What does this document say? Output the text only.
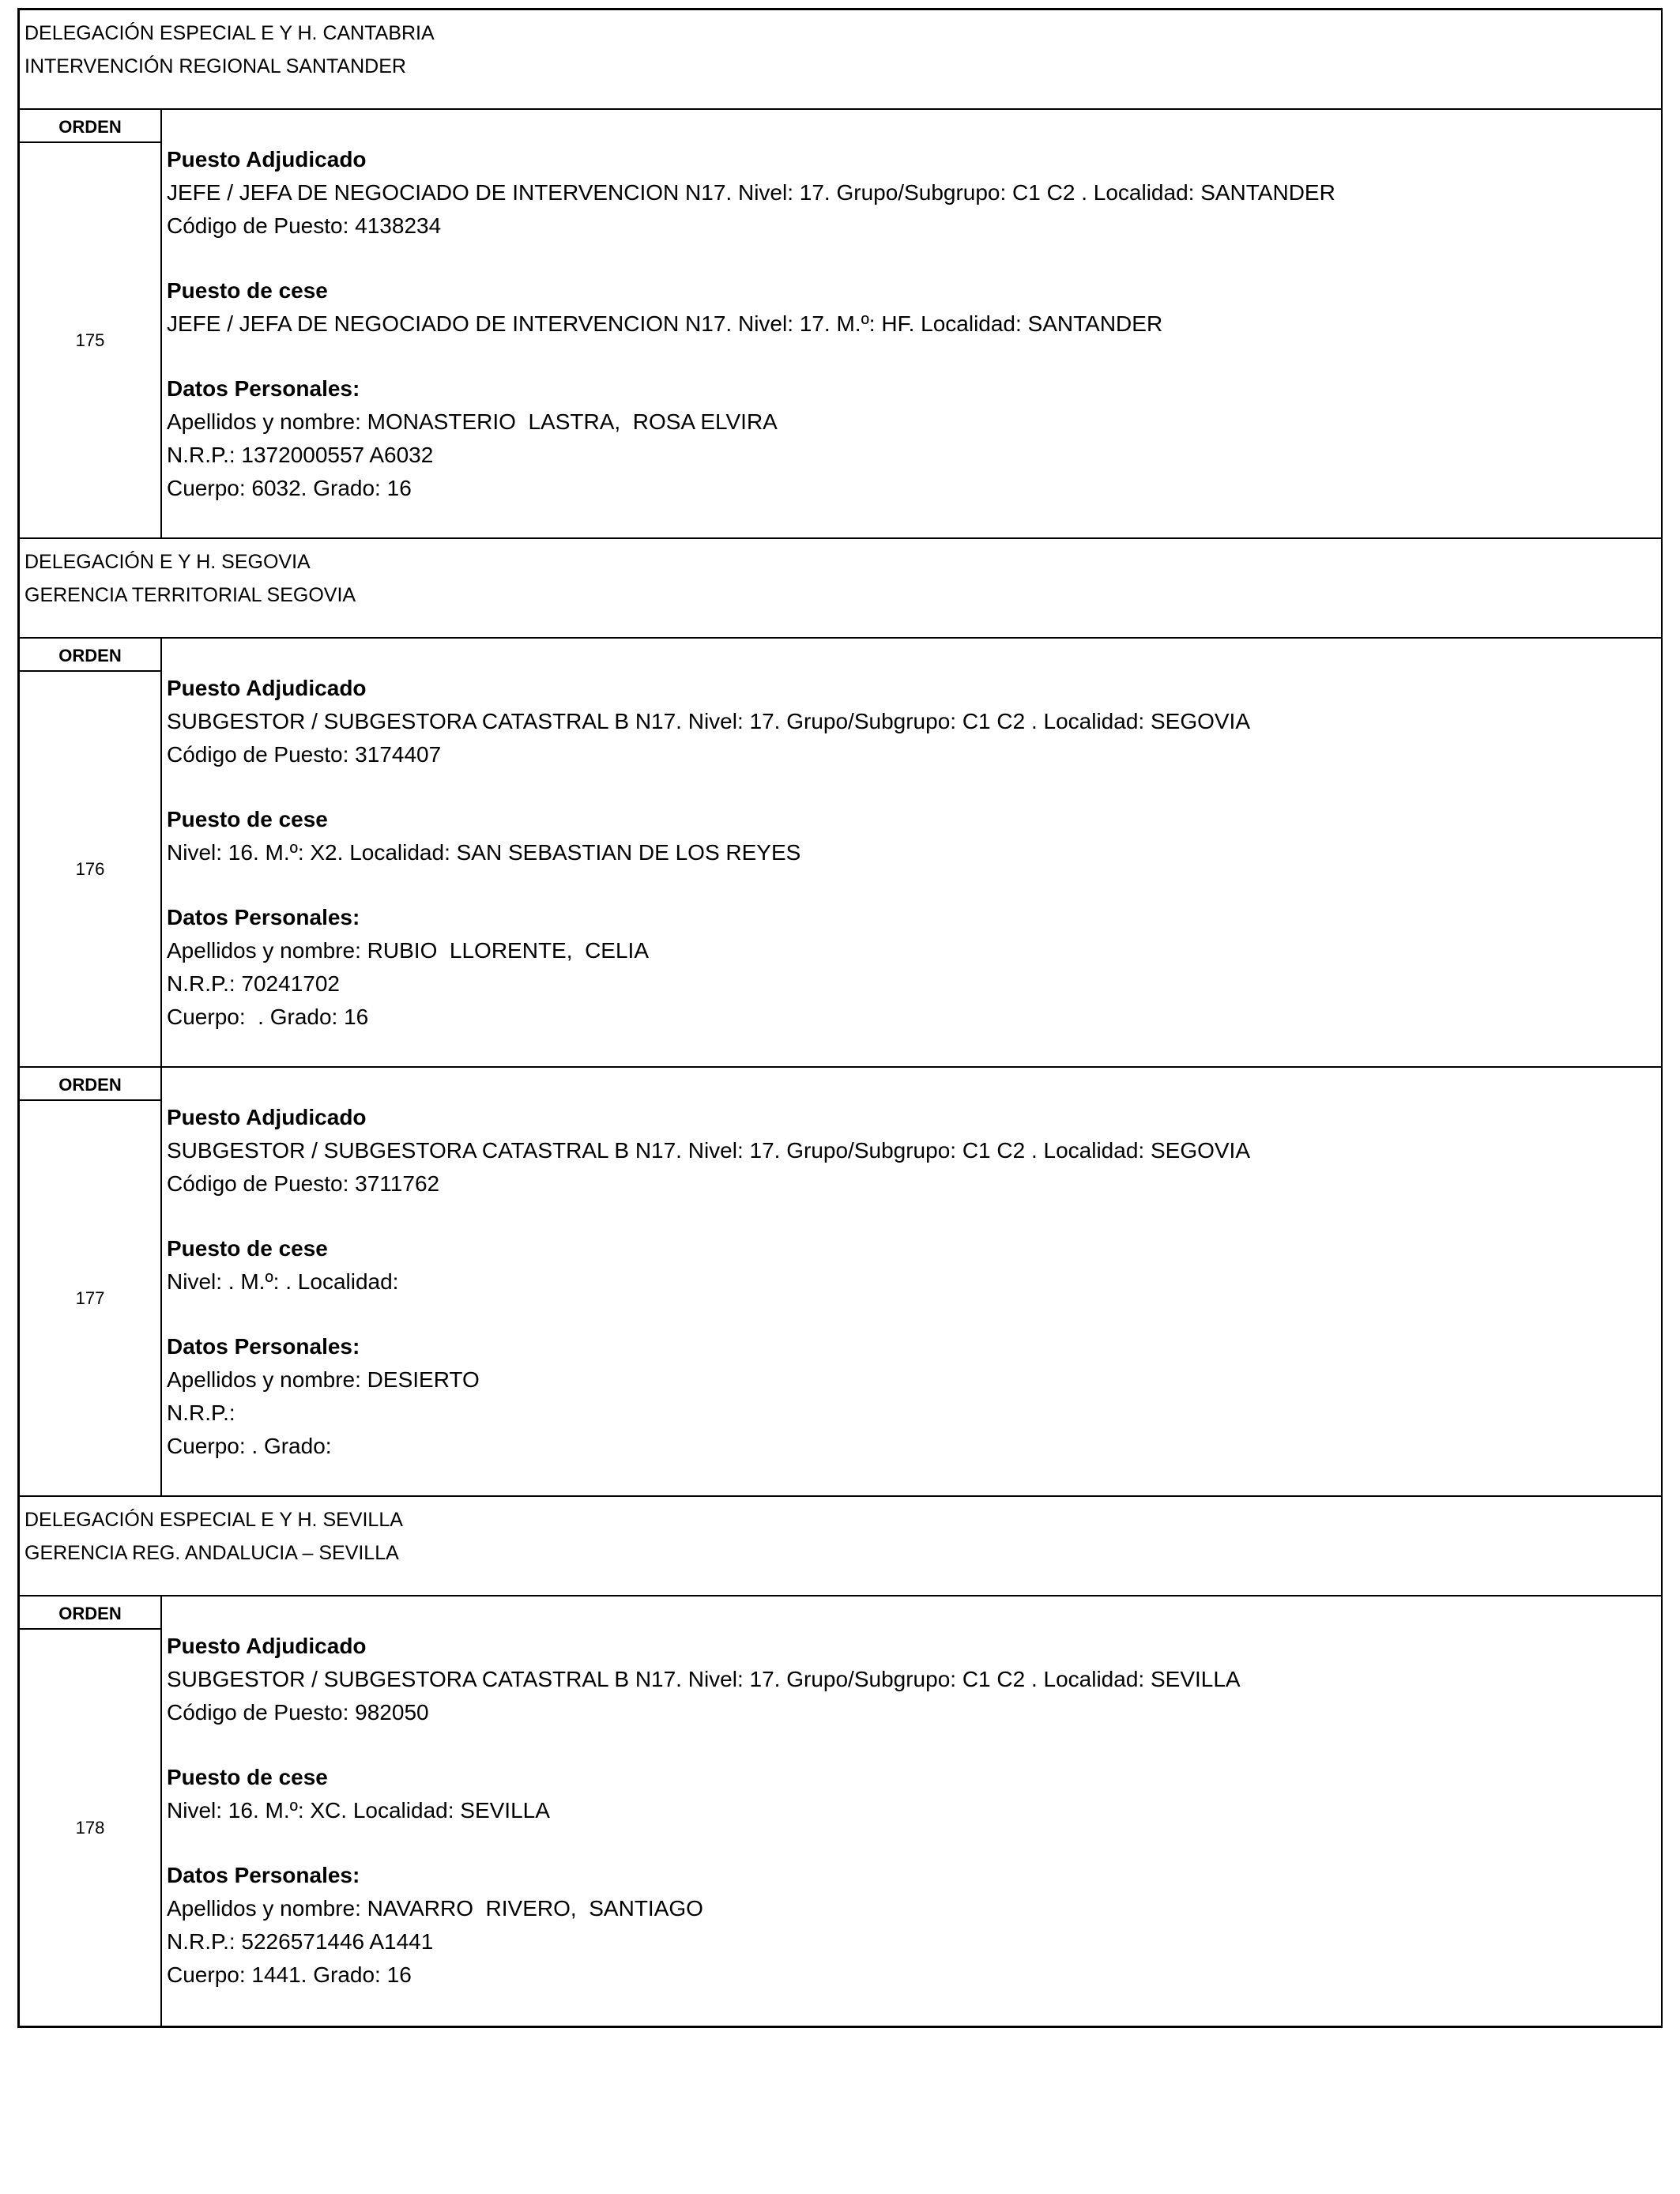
DELEGACIÓN ESPECIAL E Y H. CANTABRIA
INTERVENCIÓN REGIONAL SANTANDER
ORDEN
175
Puesto Adjudicado
JEFE / JEFA DE NEGOCIADO DE INTERVENCION N17. Nivel: 17. Grupo/Subgrupo: C1 C2 . Localidad: SANTANDER
Código de Puesto: 4138234
Puesto de cese
JEFE / JEFA DE NEGOCIADO DE INTERVENCION N17. Nivel: 17. M.º: HF. Localidad: SANTANDER
Datos Personales:
Apellidos y nombre: MONASTERIO  LASTRA,  ROSA ELVIRA
N.R.P.: 1372000557 A6032
Cuerpo: 6032. Grado: 16
DELEGACIÓN E Y H. SEGOVIA
GERENCIA TERRITORIAL SEGOVIA
ORDEN
176
Puesto Adjudicado
SUBGESTOR / SUBGESTORA CATASTRAL B N17. Nivel: 17. Grupo/Subgrupo: C1 C2 . Localidad: SEGOVIA
Código de Puesto: 3174407
Puesto de cese
Nivel: 16. M.º: X2. Localidad: SAN SEBASTIAN DE LOS REYES
Datos Personales:
Apellidos y nombre: RUBIO  LLORENTE,  CELIA
N.R.P.: 70241702
Cuerpo:  . Grado: 16
ORDEN
177
Puesto Adjudicado
SUBGESTOR / SUBGESTORA CATASTRAL B N17. Nivel: 17. Grupo/Subgrupo: C1 C2 . Localidad: SEGOVIA
Código de Puesto: 3711762
Puesto de cese
Nivel: . M.º: . Localidad:
Datos Personales:
Apellidos y nombre: DESIERTO
N.R.P.:
Cuerpo: . Grado:
DELEGACIÓN ESPECIAL E Y H. SEVILLA
GERENCIA REG. ANDALUCIA – SEVILLA
ORDEN
178
Puesto Adjudicado
SUBGESTOR / SUBGESTORA CATASTRAL B N17. Nivel: 17. Grupo/Subgrupo: C1 C2 . Localidad: SEVILLA
Código de Puesto: 982050
Puesto de cese
Nivel: 16. M.º: XC. Localidad: SEVILLA
Datos Personales:
Apellidos y nombre: NAVARRO  RIVERO,  SANTIAGO
N.R.P.: 5226571446 A1441
Cuerpo: 1441. Grado: 16
